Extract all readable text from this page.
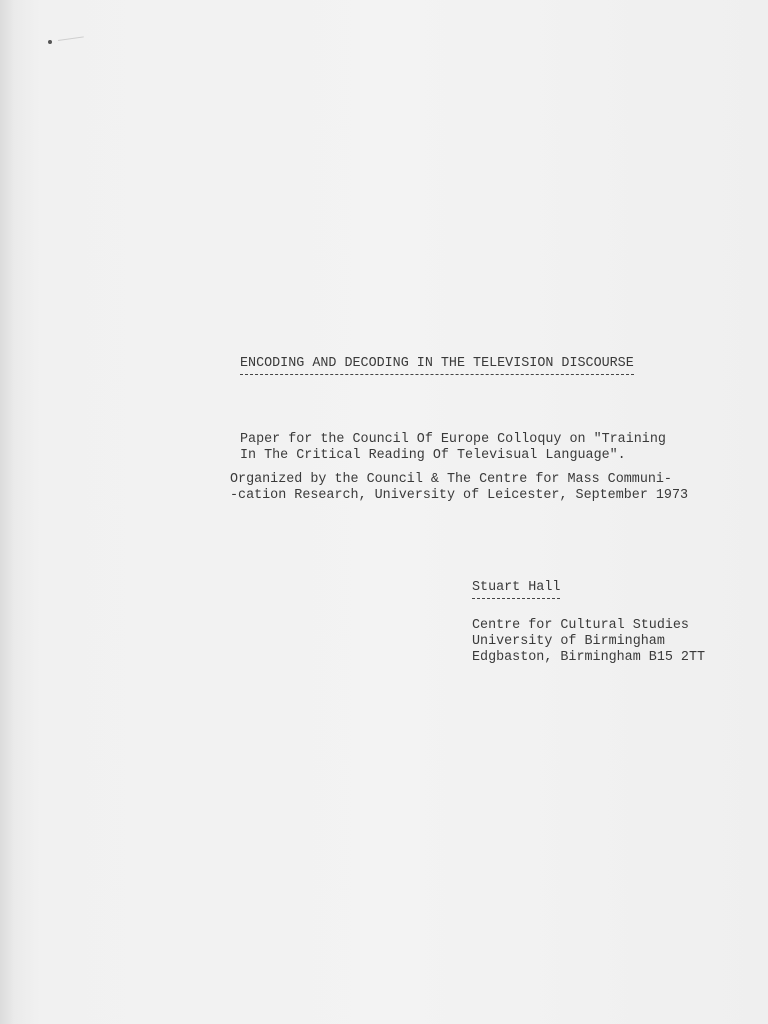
ENCODING AND DECODING IN THE TELEVISION DISCOURSE
Paper for the Council Of Europe Colloquy on "Training
In The Critical Reading Of Televisual Language".
Organized by the Council & The Centre for Mass Communi-
-cation Research, University of Leicester, September 1973
Stuart Hall
Centre for Cultural Studies
University of Birmingham
Edgbaston, Birmingham B15 2TT
